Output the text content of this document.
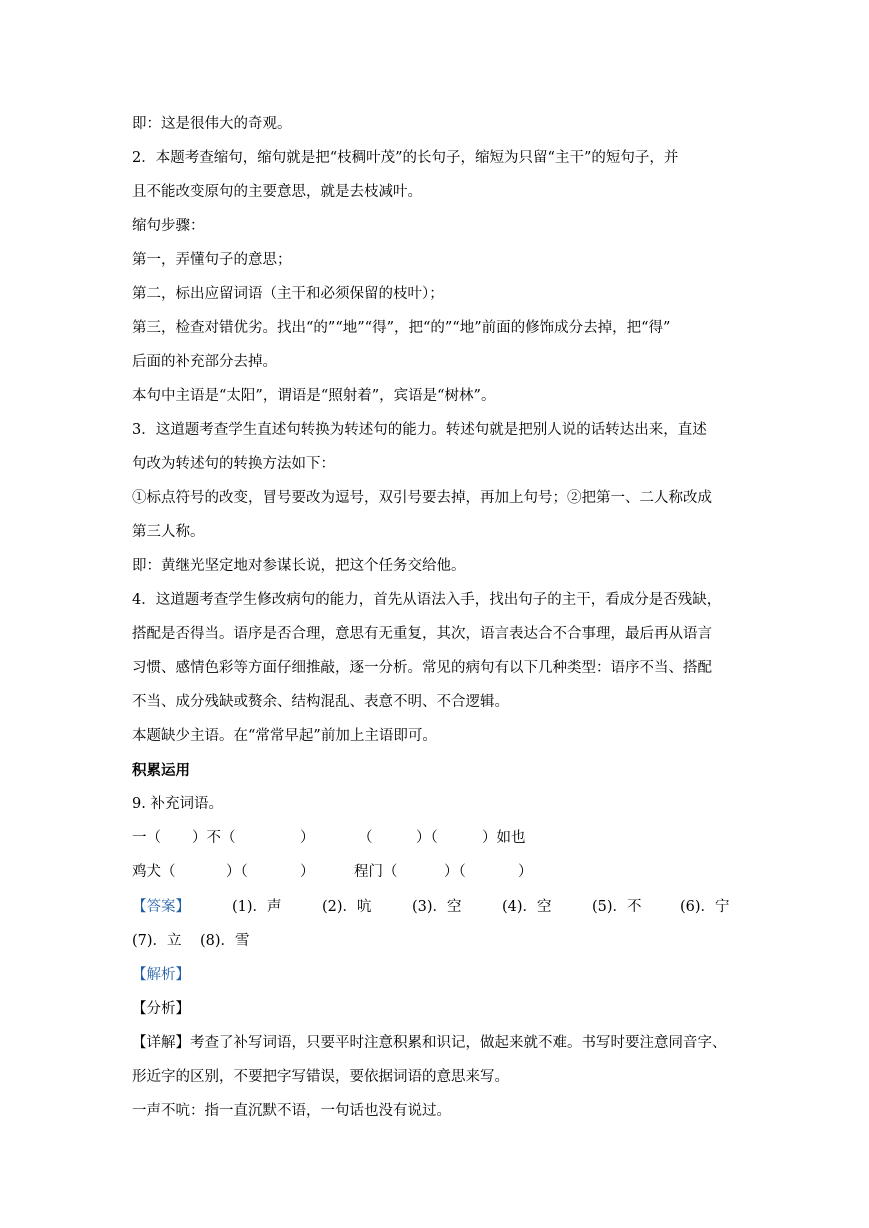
即：这是很伟大的奇观。
2．本题考查缩句，缩句就是把“枝稠叶茂”的长句子，缩短为只留“主干”的短句子，并
且不能改变原句的主要意思，就是去枝减叶。
缩句步骤：
第一，弄懂句子的意思；
第二，标出应留词语（主干和必须保留的枝叶）；
第三，检查对错优劣。找出“的”“地”“得”，把“的”“地”前面的修饰成分去掉，把“得”
后面的补充部分去掉。
本句中主语是“太阳”，谓语是“照射着”，宾语是“树林”。
3．这道题考查学生直述句转换为转述句的能力。转述句就是把别人说的话转达出来，直述
句改为转述句的转换方法如下：
①标点符号的改变，冒号要改为逗号，双引号要去掉，再加上句号；②把第一、二人称改成
第三人称。
即：黄继光坚定地对参谋长说，把这个任务交给他。
4．这道题考查学生修改病句的能力，首先从语法入手，找出句子的主干，看成分是否残缺，
搭配是否得当。语序是否合理，意思有无重复，其次，语言表达合不合事理，最后再从语言
习惯、感情色彩等方面仔细推敲，逐一分析。常见的病句有以下几种类型：语序不当、搭配
不当、成分残缺或赘余、结构混乱、表意不明、不合逻辑。
本题缺少主语。在“常常早起”前加上主语即可。
积累运用
9. 补充词语。
一（ ）不（	）	（	）（	）如也
鸡犬（	）（	）	程门（	）（	）
【答案】	(1)．声	(2)．吭	(3)．空	(4)．空	(5)．不	(6)．宁
(7)．立 (8)．雪
【解析】
【分析】
【详解】考查了补写词语，只要平时注意积累和识记，做起来就不难。书写时要注意同音字、
形近字的区别，不要把字写错误，要依据词语的意思来写。
一声不吭：指一直沉默不语，一句话也没有说过。
